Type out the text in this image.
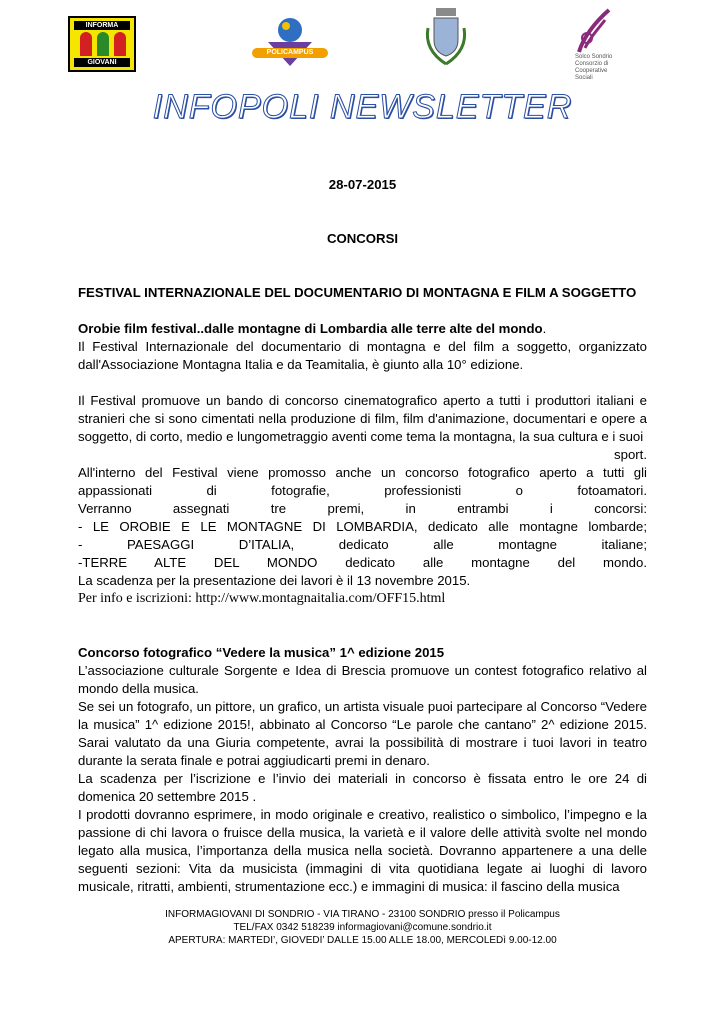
INFORMA
GIOVANI
POLICAMPUS
Solco Sondrio
Consorzio di
Cooperative Sociali
INFOPOLI NEWSLETTER

28-07-2015

CONCORSI

FESTIVAL INTERNAZIONALE DEL DOCUMENTARIO DI MONTAGNA E FILM A SOGGETTO

Orobie film festival..dalle montagne di Lombardia alle terre alte del mondo.

Il Festival Internazionale del documentario di montagna e del film a soggetto, organizzato dall'Associazione Montagna Italia e da Teamitalia, è giunto alla 10° edizione.

Il Festival promuove un bando di concorso cinematografico aperto a tutti i produttori italiani e stranieri che si sono cimentati nella produzione di film, film d'animazione, documentari e opere a soggetto, di corto, medio e lungometraggio aventi come tema la montagna, la sua cultura e i suoi

sport.

All'interno del Festival viene promosso anche un concorso fotografico aperto a tutti gli appassionati di fotografie, professionisti o fotoamatori.

Verranno assegnati tre premi, in entrambi i concorsi:

- LE OROBIE E LE MONTAGNE DI LOMBARDIA, dedicato alle montagne lombarde;

- PAESAGGI D’ITALIA, dedicato alle montagne italiane;

-TERRE ALTE DEL MONDO dedicato alle montagne del mondo.

La scadenza per la presentazione dei lavori è il 13 novembre 2015.

Per info e iscrizioni: http://www.montagnaitalia.com/OFF15.html

Concorso fotografico “Vedere la musica” 1^ edizione 2015

L’associazione culturale Sorgente e Idea di Brescia promuove un contest fotografico relativo al mondo della musica.

Se sei un fotografo, un pittore, un grafico, un artista visuale puoi partecipare al Concorso “Vedere la musica” 1^ edizione 2015!, abbinato al Concorso “Le parole che cantano” 2^ edizione 2015. Sarai valutato da una Giuria competente, avrai la possibilità di mostrare i tuoi lavori in teatro durante la serata finale e potrai aggiudicarti premi in denaro.

La scadenza per l’iscrizione e l’invio dei materiali in concorso è fissata entro le ore 24 di domenica 20 settembre 2015 .

I prodotti dovranno esprimere, in modo originale e creativo, realistico o simbolico, l’impegno e la passione di chi lavora o fruisce della musica, la varietà e il valore delle attività svolte nel mondo legato alla musica, l’importanza della musica nella società. Dovranno appartenere a una delle seguenti sezioni: Vita da musicista (immagini di vita quotidiana legate ai luoghi di lavoro musicale, ritratti, ambienti, strumentazione ecc.) e immagini di musica: il fascino della musica

INFORMAGIOVANI DI SONDRIO - VIA TIRANO - 23100 SONDRIO presso il Policampus
TEL/FAX 0342 518239 informagiovani@comune.sondrio.it
APERTURA: MARTEDI’, GIOVEDI’ DALLE 15.00 ALLE 18.00, MERCOLEDì 9.00-12.00
